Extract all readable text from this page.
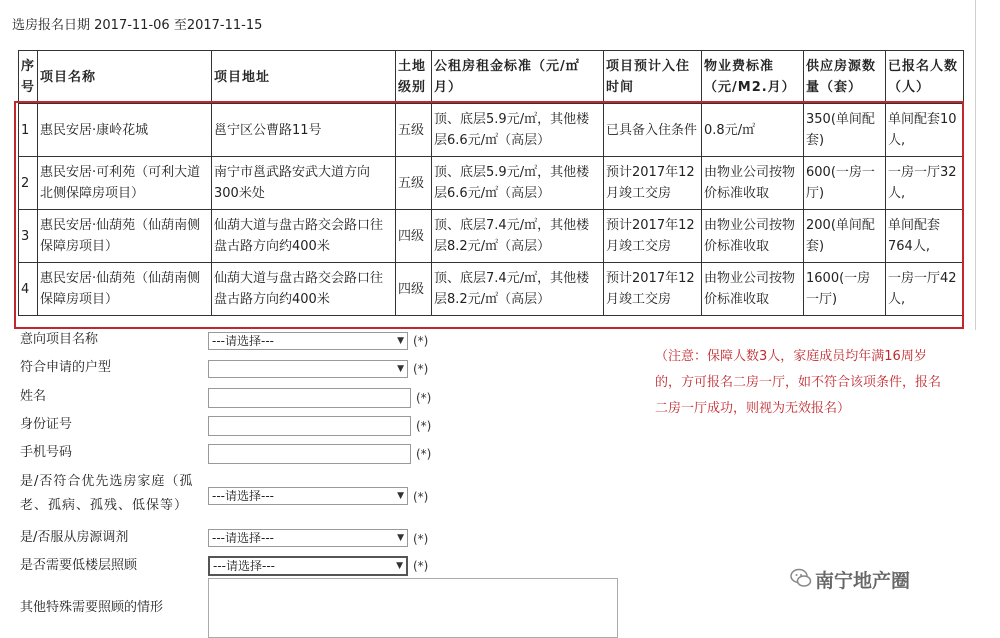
选房报名日期 2017-11-06 至2017-11-15
序号	项目名称	项目地址	土地级别	公租房租金标准（元/㎡月）	项目预计入住时间	物业费标准（元/M2.月）	供应房源数量（套）	已报名人数（人）
1	惠民安居·康岭花城	邕宁区公曹路11号	五级	顶、底层5.9元/㎡，其他楼层6.6元/㎡（高层）	已具备入住条件	0.8元/㎡	350(单间配套)	单间配套10人,
2	惠民安居·可利苑（可利大道北侧保障房项目）	南宁市邕武路安武大道方向300米处	五级	顶、底层5.9元/㎡，其他楼层6.6元/㎡（高层）	预计2017年12月竣工交房	由物业公司按物价标准收取	600(一房一厅)	一房一厅32人,
3	惠民安居·仙葫苑（仙葫南侧保障房项目）	仙葫大道与盘古路交会路口往盘古路方向约400米	四级	顶、底层7.4元/㎡，其他楼层8.2元/㎡（高层）	预计2017年12月竣工交房	由物业公司按物价标准收取	200(单间配套)	单间配套764人,
4	惠民安居·仙葫苑（仙葫南侧保障房项目）	仙葫大道与盘古路交会路口往盘古路方向约400米	四级	顶、底层7.4元/㎡，其他楼层8.2元/㎡（高层）	预计2017年12月竣工交房	由物业公司按物价标准收取	1600(一房一厅)	一房一厅42人,
意向项目名称	---请选择---	▼ (*)
符合申请的户型	▼ (*)
姓名	(*)
身份证号	(*)
手机号码	(*)
是/否符合优先选房家庭（孤
老、孤病、孤残、低保等）
---请选择---	▼ (*)
是/否服从房源调剂	---请选择---	▼ (*)
是否需要低楼层照顾	---请选择---	▼ (*)
其他特殊需要照顾的情形
（注意：保障人数3人，家庭成员均年满16周岁
的，方可报名二房一厅，如不符合该项条件，报名
二房一厅成功，则视为无效报名）
南宁地产圈
